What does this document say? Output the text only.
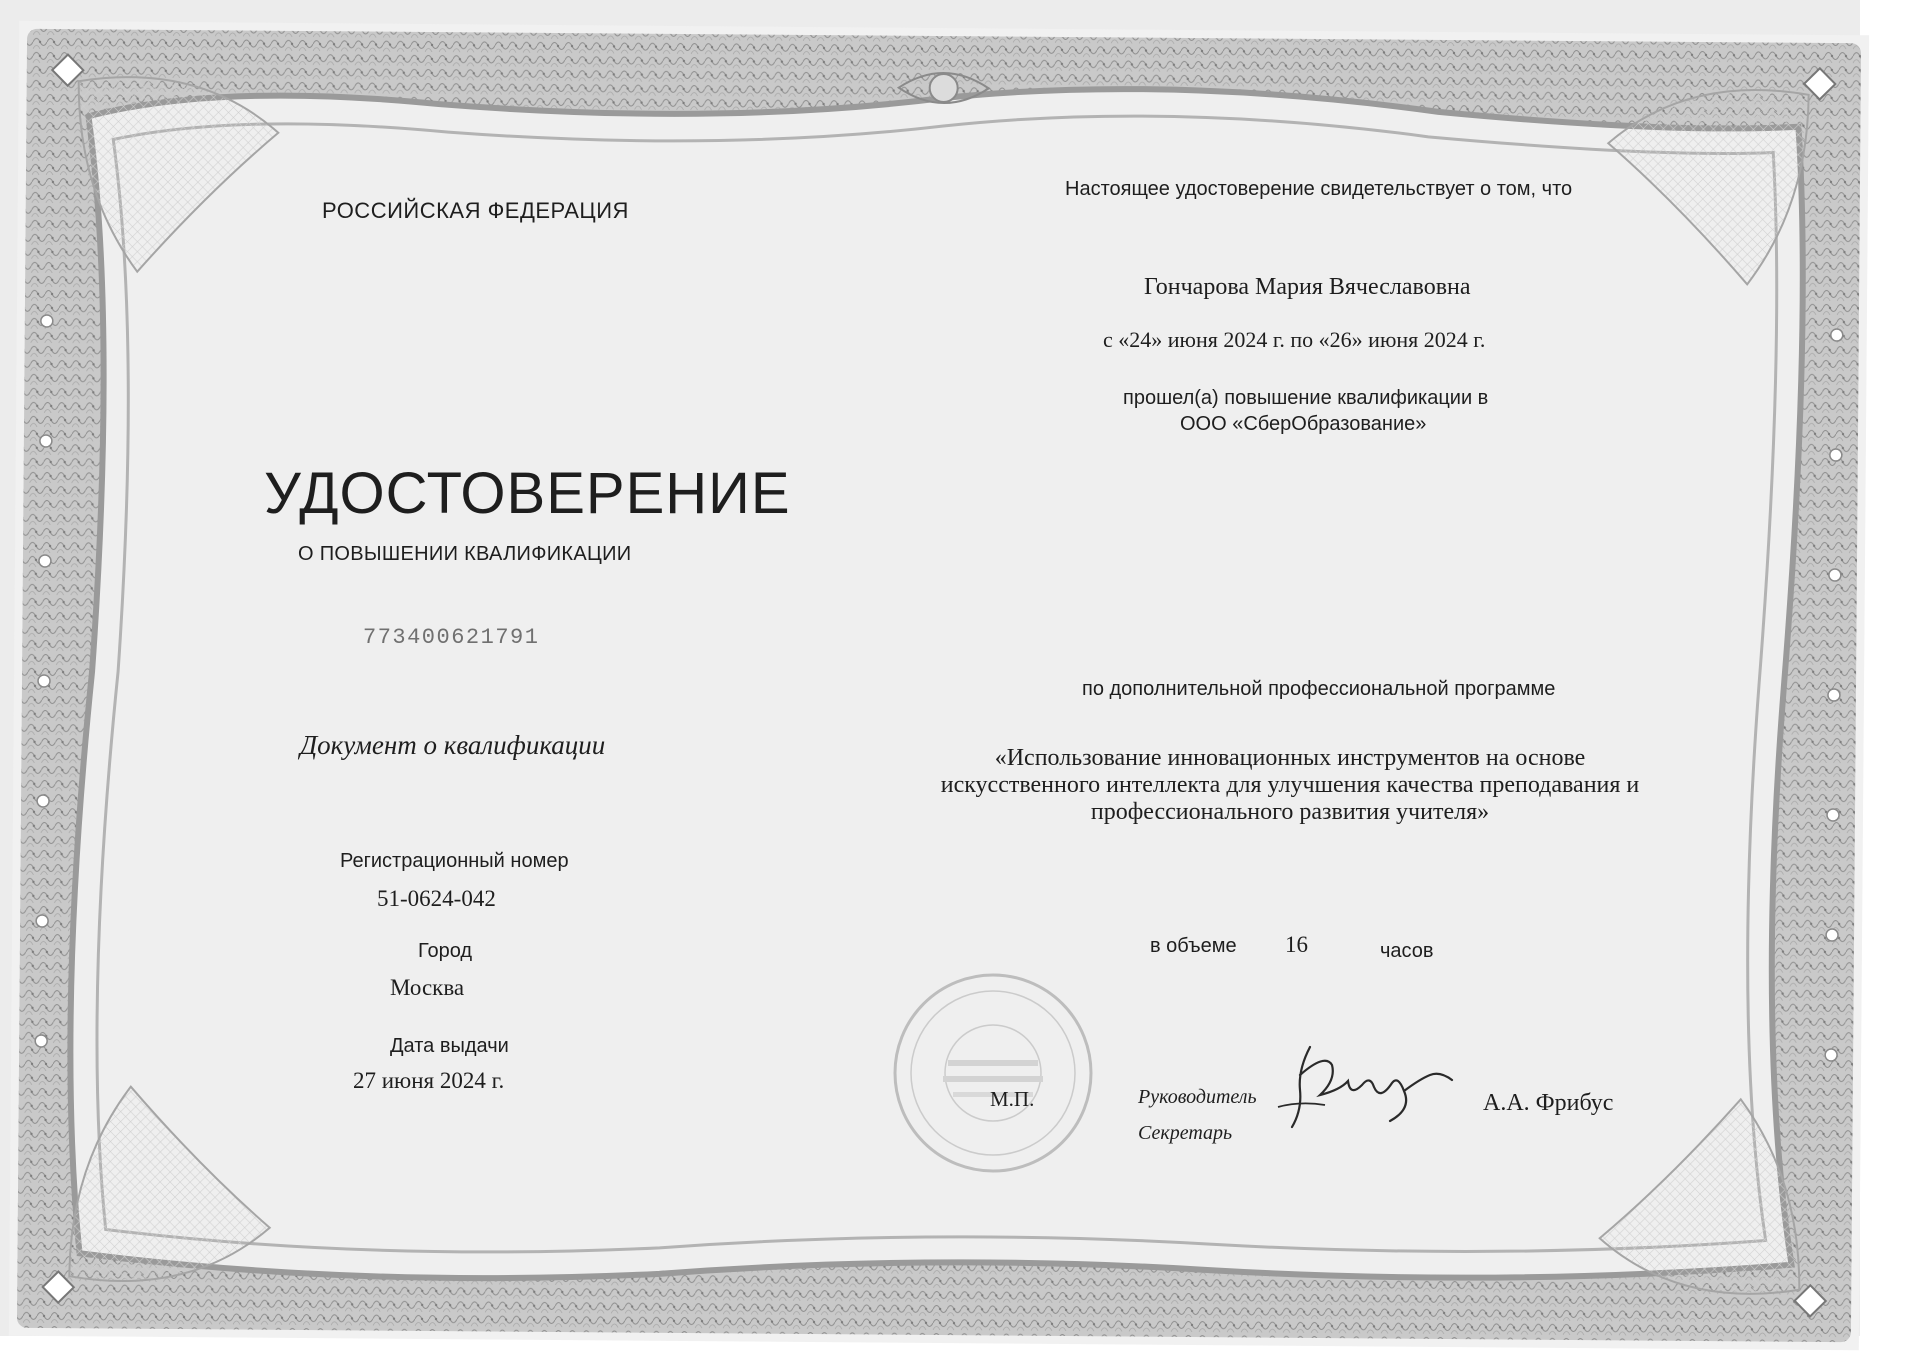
РОССИЙСКАЯ ФЕДЕРАЦИЯ
УДОСТОВЕРЕНИЕ
О ПОВЫШЕНИИ КВАЛИФИКАЦИИ
773400621791
Документ о квалификации
Регистрационный номер
51-0624-042
Город
Москва
Дата выдачи
27 июня 2024 г.
Настоящее удостоверение свидетельствует о том, что
Гончарова Мария Вячеславовна
с «24» июня 2024 г. по «26» июня 2024 г.
прошел(а) повышение квалификации в
ООО «СберОбразование»
по дополнительной профессиональной программе
«Использование инновационных инструментов на основе искусственного интеллекта для улучшения качества преподавания и профессионального развития учителя»
в объеме 16	часов
М.П.	Руководитель
Секретарь
А.А. Фрибус
